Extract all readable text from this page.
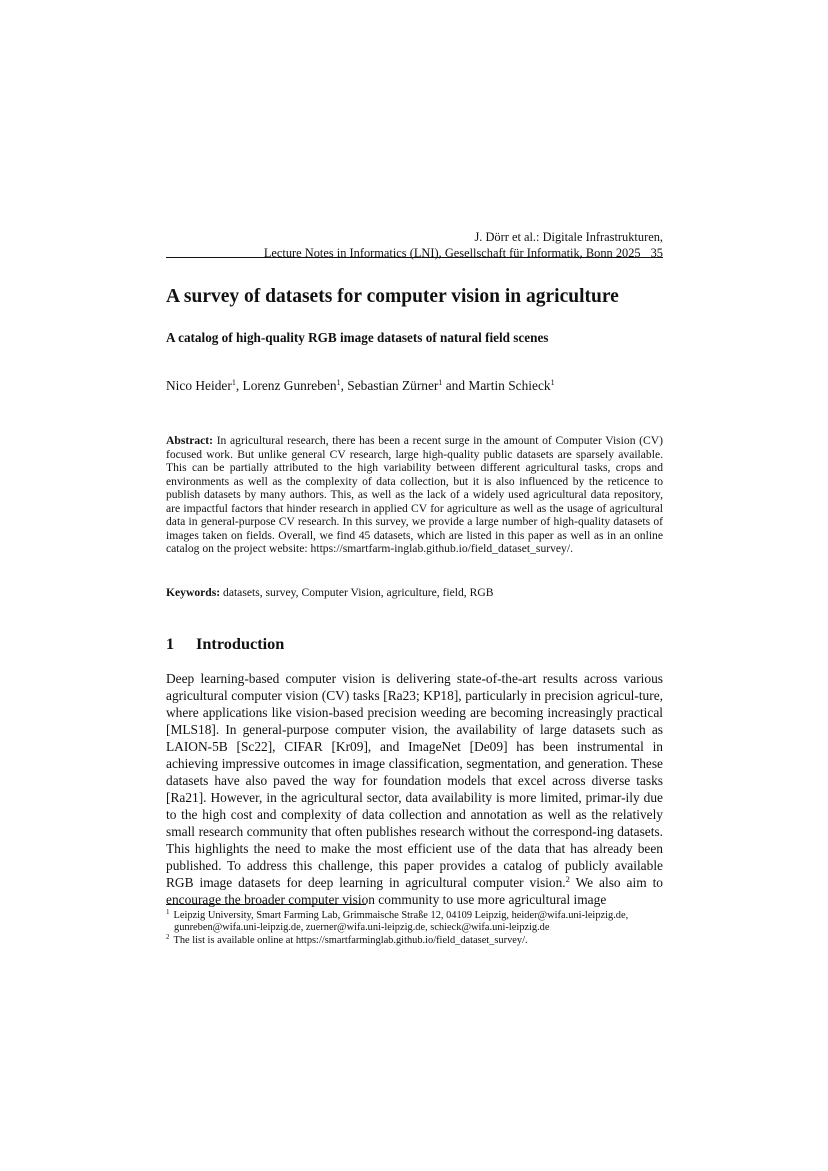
J. Dörr et al.: Digitale Infrastrukturen,
Lecture Notes in Informatics (LNI), Gesellschaft für Informatik, Bonn 2025 35
A survey of datasets for computer vision in agriculture
A catalog of high-quality RGB image datasets of natural field scenes
Nico Heider$^1$, Lorenz Gunreben$^1$, Sebastian Zürner$^1$ and Martin Schieck$^1$
Abstract: In agricultural research, there has been a recent surge in the amount of Computer Vision (CV) focused work. But unlike general CV research, large high-quality public datasets are sparsely available. This can be partially attributed to the high variability between different agricultural tasks, crops and environments as well as the complexity of data collection, but it is also influenced by the reticence to publish datasets by many authors. This, as well as the lack of a widely used agricultural data repository, are impactful factors that hinder research in applied CV for agriculture as well as the usage of agricultural data in general-purpose CV research. In this survey, we provide a large number of high-quality datasets of images taken on fields. Overall, we find 45 datasets, which are listed in this paper as well as in an online catalog on the project website: https://smartfarm-inglab.github.io/field_dataset_survey/.
Keywords: datasets, survey, Computer Vision, agriculture, field, RGB
1 Introduction
Deep learning-based computer vision is delivering state-of-the-art results across various agricultural computer vision (CV) tasks [Ra23; KP18], particularly in precision agricul-ture, where applications like vision-based precision weeding are becoming increasingly practical [MLS18]. In general-purpose computer vision, the availability of large datasets such as LAION-5B [Sc22], CIFAR [Kr09], and ImageNet [De09] has been instrumental in achieving impressive outcomes in image classification, segmentation, and generation. These datasets have also paved the way for foundation models that excel across diverse tasks [Ra21]. However, in the agricultural sector, data availability is more limited, primar-ily due to the high cost and complexity of data collection and annotation as well as the relatively small research community that often publishes research without the correspond-ing datasets. This highlights the need to make the most efficient use of the data that has already been published. To address this challenge, this paper provides a catalog of publicly available RGB image datasets for deep learning in agricultural computer vision.$^2$ We also aim to encourage the broader computer vision community to use more agricultural image

$^1$ Leipzig University, Smart Farming Lab, Grimmaische Straße 12, 04109 Leipzig, heider@wifa.uni-leipzig.de, gunreben@wifa.uni-leipzig.de, zuerner@wifa.uni-leipzig.de, schieck@wifa.uni-leipzig.de

$^2$ The list is available online at https://smartfarminglab.github.io/field_dataset_survey/.
